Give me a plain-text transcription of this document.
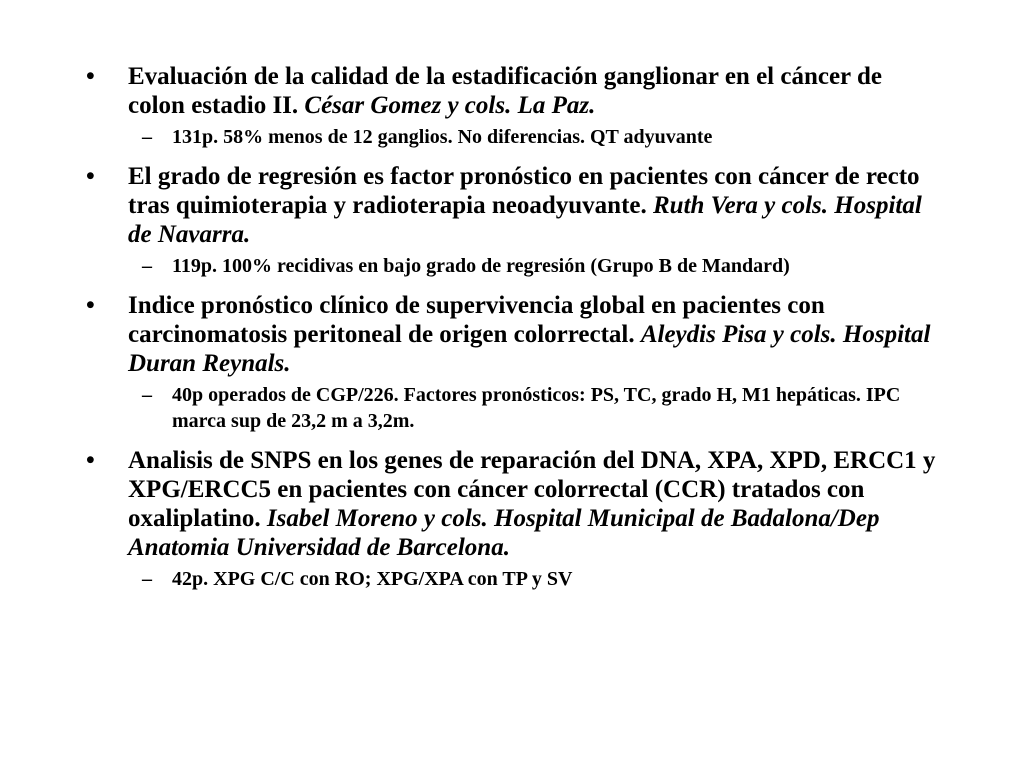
• Evaluación de la calidad de la estadificación ganglionar en el cáncer de colon estadio II. César Gomez y cols. La Paz.
– 131p. 58% menos de 12 ganglios. No diferencias. QT adyuvante
• El grado de regresión es factor pronóstico en pacientes con cáncer de recto tras quimioterapia y radioterapia neoadyuvante. Ruth Vera y cols. Hospital de Navarra.
– 119p. 100% recidivas en bajo grado de regresión (Grupo B de Mandard)
• Indice pronóstico clínico de supervivencia global en pacientes con carcinomatosis peritoneal de origen colorrectal. Aleydis Pisa y cols. Hospital Duran Reynals.
– 40p operados de CGP/226. Factores pronósticos: PS, TC, grado H, M1 hepáticas. IPC marca sup de 23,2 m a 3,2m.
• Analisis de SNPS en los genes de reparación del DNA, XPA, XPD, ERCC1 y XPG/ERCC5 en pacientes con cáncer colorrectal (CCR) tratados con oxaliplatino. Isabel Moreno y cols. Hospital Municipal de Badalona/Dep Anatomia Universidad de Barcelona.
– 42p. XPG C/C con RO; XPG/XPA con TP y SV
